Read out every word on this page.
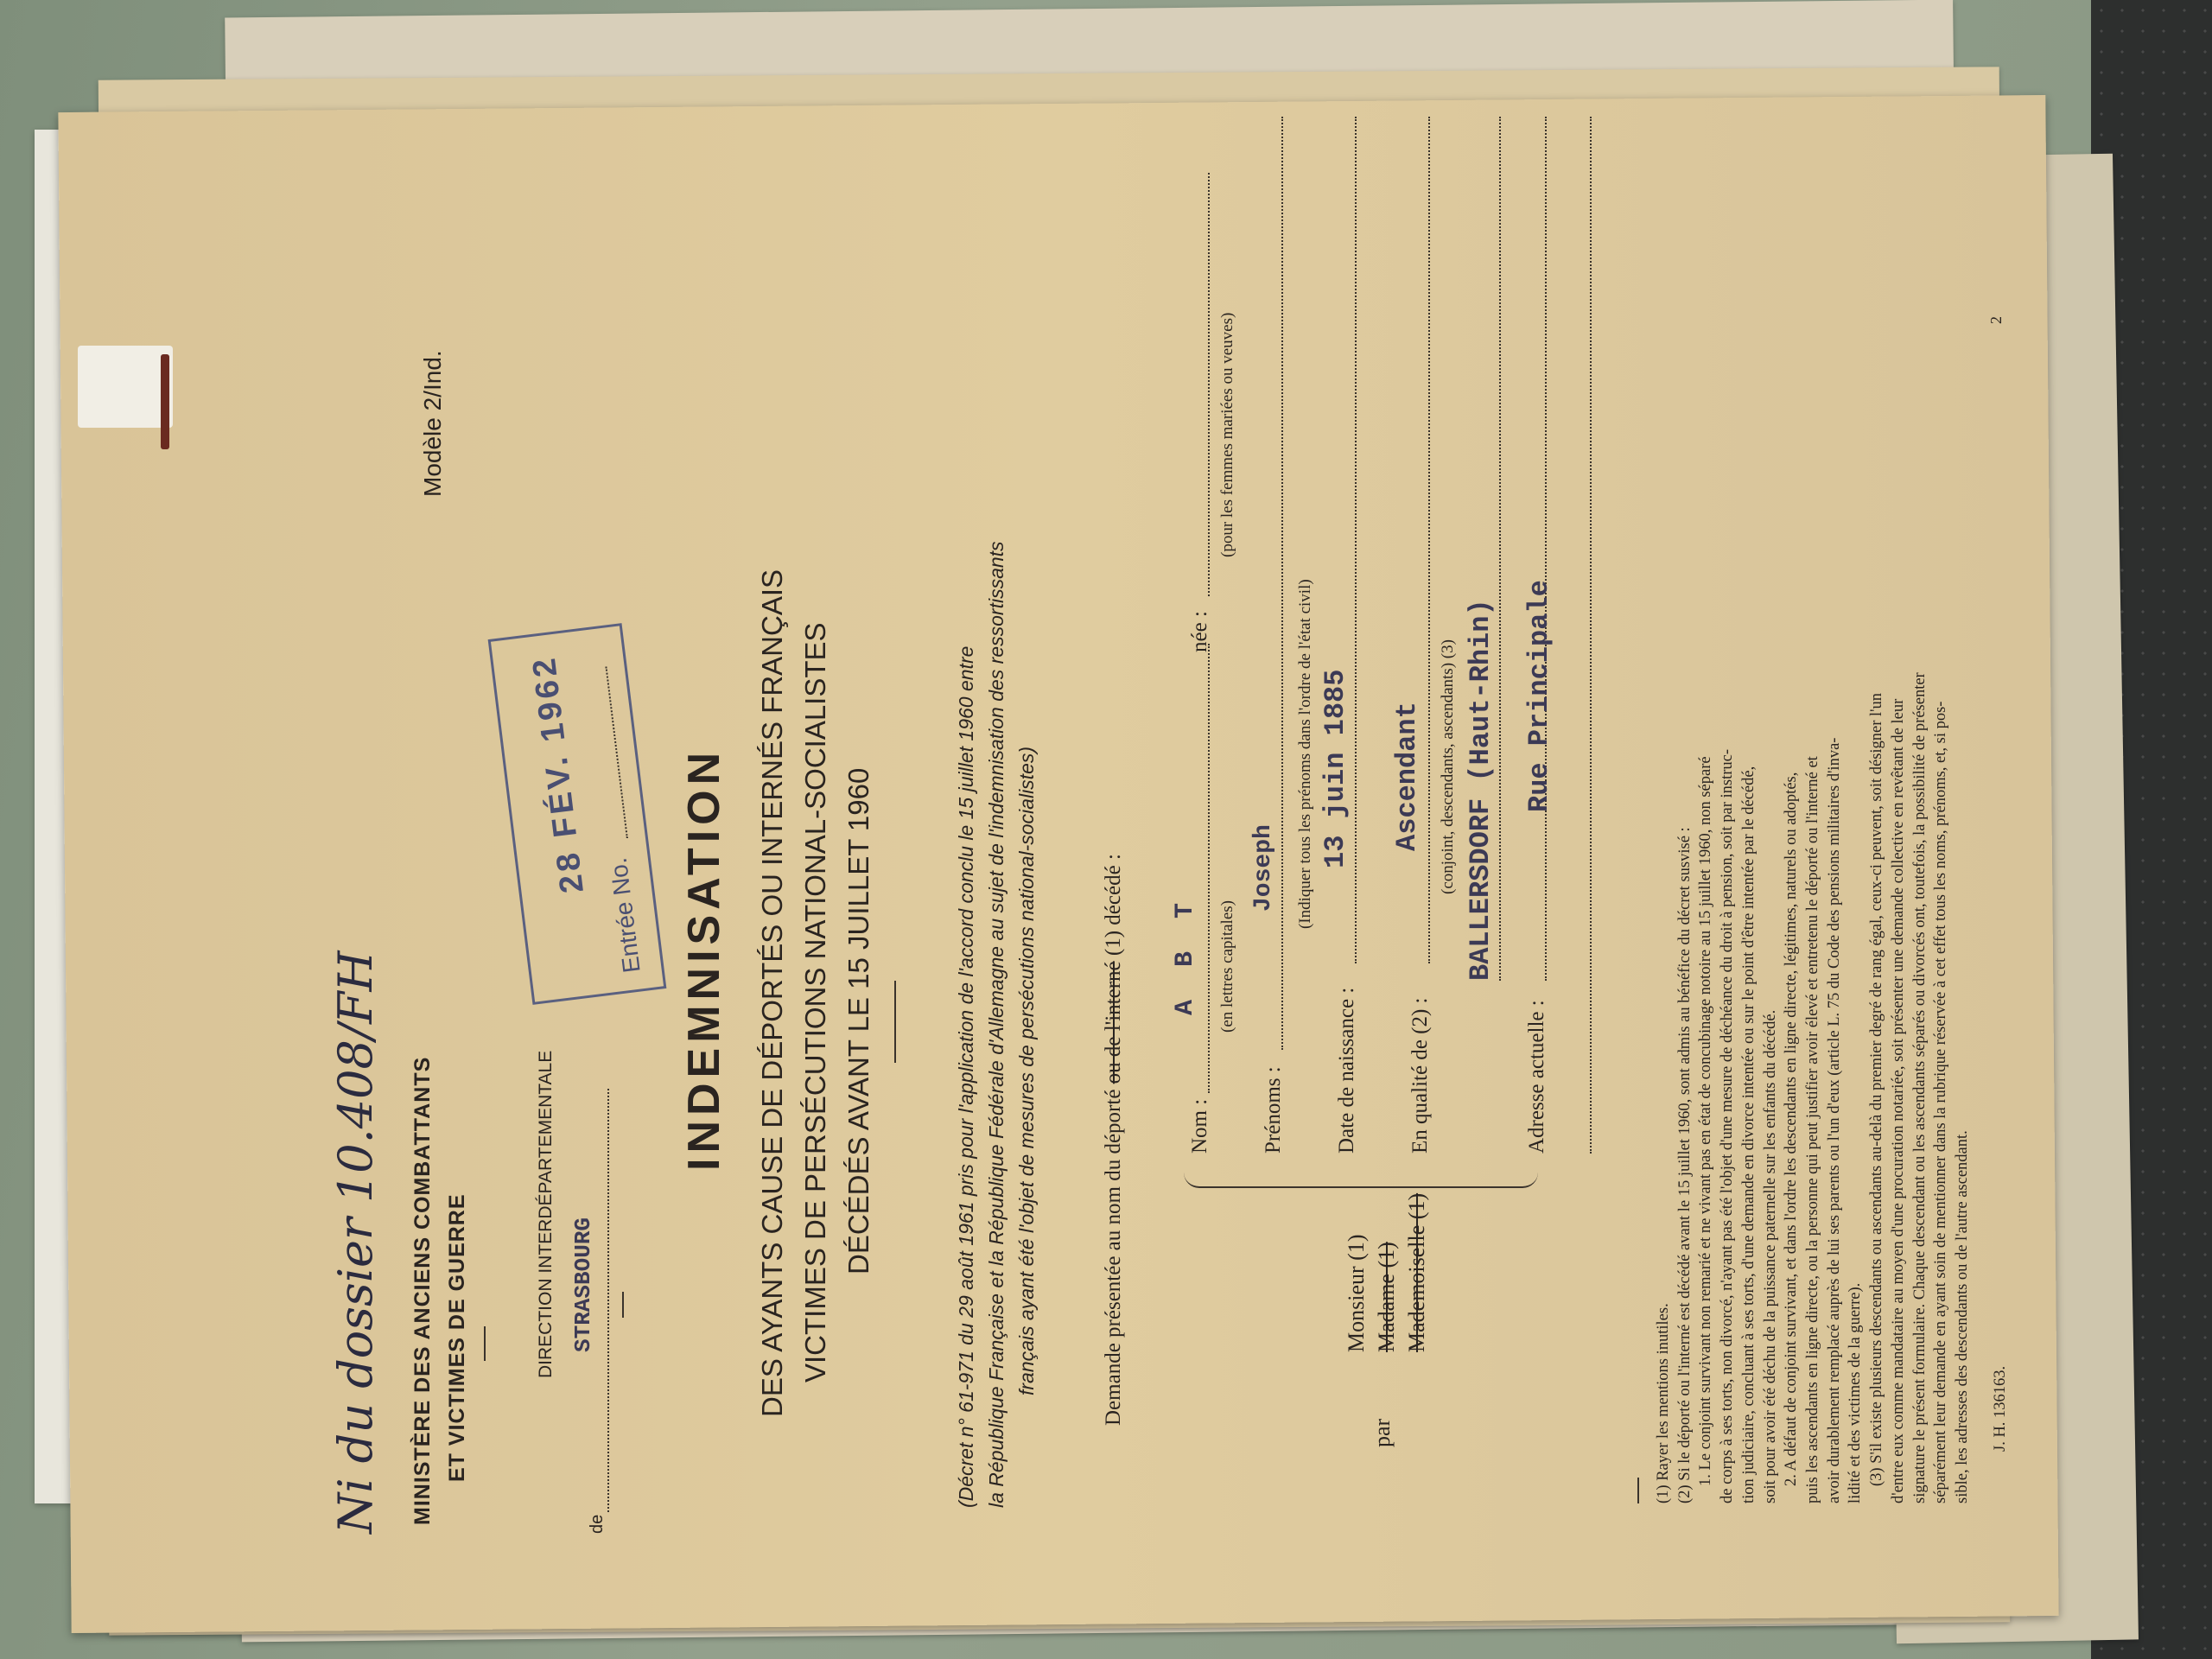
Ni du dossier 10.408/FH MINISTÈRE DES ANCIENS COMBATTANTS ET VICTIMES DE GUERRE
Modèle 2/Ind.
DIRECTION INTERDÉPARTEMENTALE
de
STRASBOURG
28 FÉV. 1962
Entrée No. INDEMNISATION DES AYANTS CAUSE DE DÉPORTÉS OU INTERNÉS FRANÇAIS VICTIMES DE PERSÉCUTIONS NATIONAL-SOCIALISTES DÉCÉDÉS AVANT LE 15 JUILLET 1960	(Décret n° 61-971 du 29 août 1961 pris pour l'application de l'accord conclu le 15 juillet 1960 entre la République Française et la République Fédérale d'Allemagne au sujet de l'indemnisation des ressortissants français ayant été l'objet de mesures de persécutions national-socialistes)	Demande présentée au nom du déporté ou de l'interné (1) décédé :
par
Monsieur (1) Madame (1) Mademoiselle (1)
Nom :
A B T (en lettres capitales)
née :
(pour les femmes mariées ou veuves)
Prénoms :
Joseph (Indiquer tous les prénoms dans l'ordre de l'état civil)
Date de naissance :
13 juin 1885
En qualité de (2) :
Ascendant (conjoint, descendants, ascendants) (3) BALLERSDORF (Haut-Rhin)
Adresse actuelle :
Rue Principale

(1) Rayer les mentions inutiles. (2) Si le déporté ou l'interné est décédé avant le 15 juillet 1960, sont admis au bénéfice du décret susvisé : 1. Le conjoint survivant non remarié et ne vivant pas en état de concubinage notoire au 15 juillet 1960, non séparé de corps à ses torts, non divorcé, n'ayant pas été l'objet d'une mesure de déchéance du droit à pension, soit par instruc- tion judiciaire, concluant à ses torts, d'une demande en divorce intentée ou sur le point d'être intentée par le décédé, soit pour avoir été déchu de la puissance paternelle sur les enfants du décédé. 2. A défaut de conjoint survivant, et dans l'ordre les descendants en ligne directe, légitimes, naturels ou adoptés, puis les ascendants en ligne directe, ou la personne qui peut justifier avoir élevé et entretenu le déporté ou l'interné et avoir durablement remplacé auprès de lui ses parents ou l'un d'eux (article L. 75 du Code des pensions militaires d'inva- lidité et des victimes de la guerre). (3) S'il existe plusieurs descendants ou ascendants au-delà du premier degré de rang égal, ceux-ci peuvent, soit désigner l'un d'entre eux comme mandataire au moyen d'une procuration notariée, soit présenter une demande collective en revêtant de leur signature le présent formulaire. Chaque descendant ou les ascendants séparés ou divorcés ont, toutefois, la possibilité de présenter séparément leur demande en ayant soin de mentionner dans la rubrique réservée à cet effet tous les noms, prénoms, et, si pos- sible, les adresses des descendants ou de l'autre ascendant. J. H. 136163.
2
